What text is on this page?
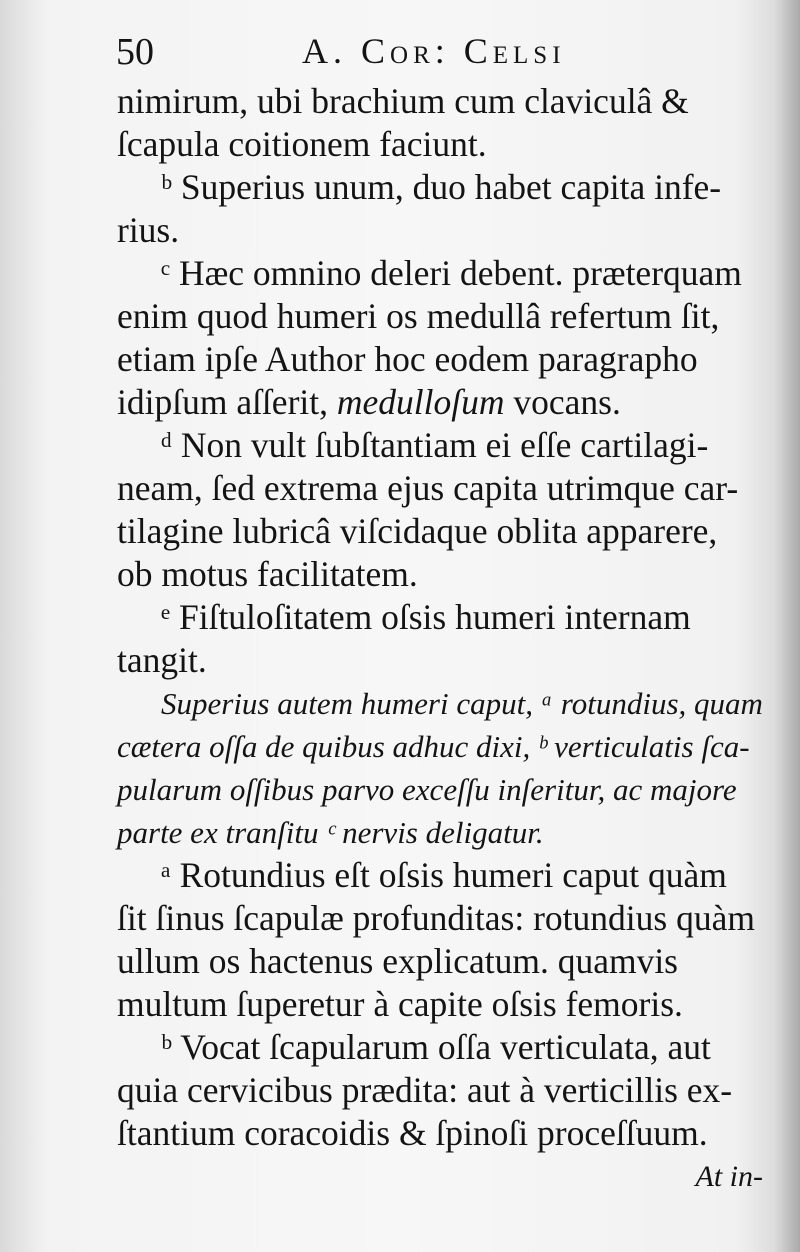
50	A. Cor: Celsi
nimirum, ubi brachium cum claviculâ &
ſcapula coitionem faciunt.
ᵇ Superius unum, duo habet capita infe-
rius.
ᶜ Hæc omnino deleri debent. præterquam
enim quod humeri os medullâ refertum ſit,
etiam ipſe Author hoc eodem paragrapho
idipſum aſſerit, medulloſum vocans.
ᵈ Non vult ſubſtantiam ei eſſe cartilagi-
neam, ſed extrema ejus capita utrimque car-
tilagine lubricâ viſcidaque oblita apparere,
ob motus facilitatem.
ᵉ Fiſtuloſitatem oſsis humeri internam
tangit.
Superius autem humeri caput, ᵃ rotundius, quam
cætera oſſa de quibus adhuc dixi, ᵇ verticulatis ſca-
pularum oſſibus parvo exceſſu inſeritur, ac majore
parte ex tranſitu ᶜ nervis deligatur.
ᵃ Rotundius eſt oſsis humeri caput quàm
ſit ſinus ſcapulæ profunditas: rotundius quàm
ullum os hactenus explicatum. quamvis
multum ſuperetur à capite oſsis femoris.
ᵇ Vocat ſcapularum oſſa verticulata, aut
quia cervicibus prædita: aut à verticillis ex-
ſtantium coracoidis & ſpinoſi proceſſuum.
At in-
